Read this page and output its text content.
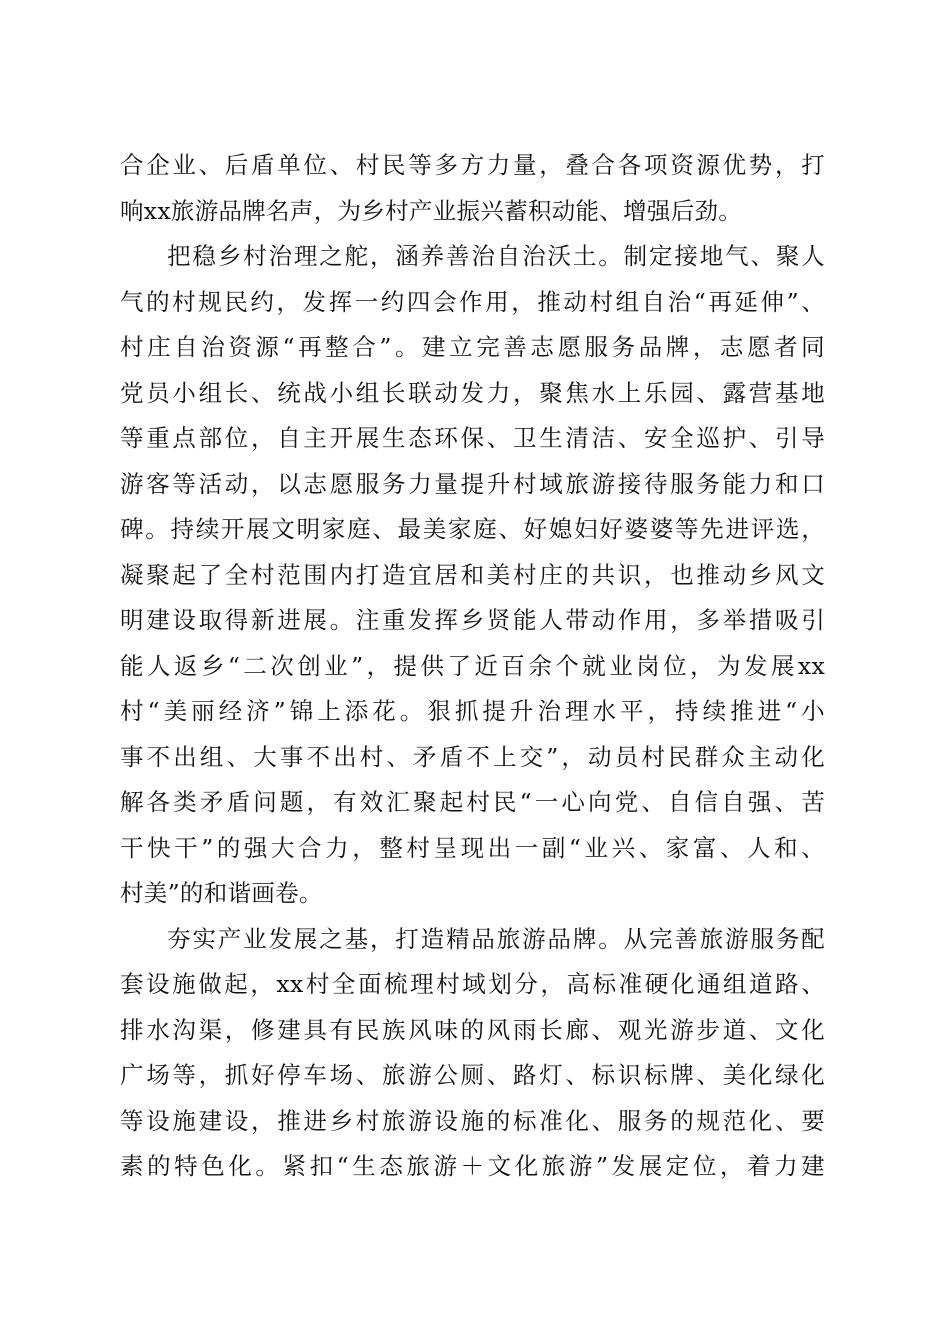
合企业、后盾单位、村民等多方力量，叠合各项资源优势，打
响xx旅游品牌名声，为乡村产业振兴蓄积动能、增强后劲。
把稳乡村治理之舵，涵养善治自治沃土。制定接地气、聚人
气的村规民约，发挥一约四会作用，推动村组自治“再延伸”、
村庄自治资源“再整合”。建立完善志愿服务品牌，志愿者同
党员小组长、统战小组长联动发力，聚焦水上乐园、露营基地
等重点部位，自主开展生态环保、卫生清洁、安全巡护、引导
游客等活动，以志愿服务力量提升村域旅游接待服务能力和口
碑。持续开展文明家庭、最美家庭、好媳妇好婆婆等先进评选，
凝聚起了全村范围内打造宜居和美村庄的共识，也推动乡风文
明建设取得新进展。注重发挥乡贤能人带动作用，多举措吸引
能人返乡“二次创业”，提供了近百余个就业岗位，为发展xx
村“美丽经济”锦上添花。狠抓提升治理水平，持续推进“小
事不出组、大事不出村、矛盾不上交”，动员村民群众主动化
解各类矛盾问题，有效汇聚起村民“一心向党、自信自强、苦
干快干”的强大合力，整村呈现出一副“业兴、家富、人和、
村美”的和谐画卷。
夯实产业发展之基，打造精品旅游品牌。从完善旅游服务配
套设施做起，xx村全面梳理村域划分，高标准硬化通组道路、
排水沟渠，修建具有民族风味的风雨长廊、观光游步道、文化
广场等，抓好停车场、旅游公厕、路灯、标识标牌、美化绿化
等设施建设，推进乡村旅游设施的标准化、服务的规范化、要
素的特色化。紧扣“生态旅游＋文化旅游”发展定位，着力建
